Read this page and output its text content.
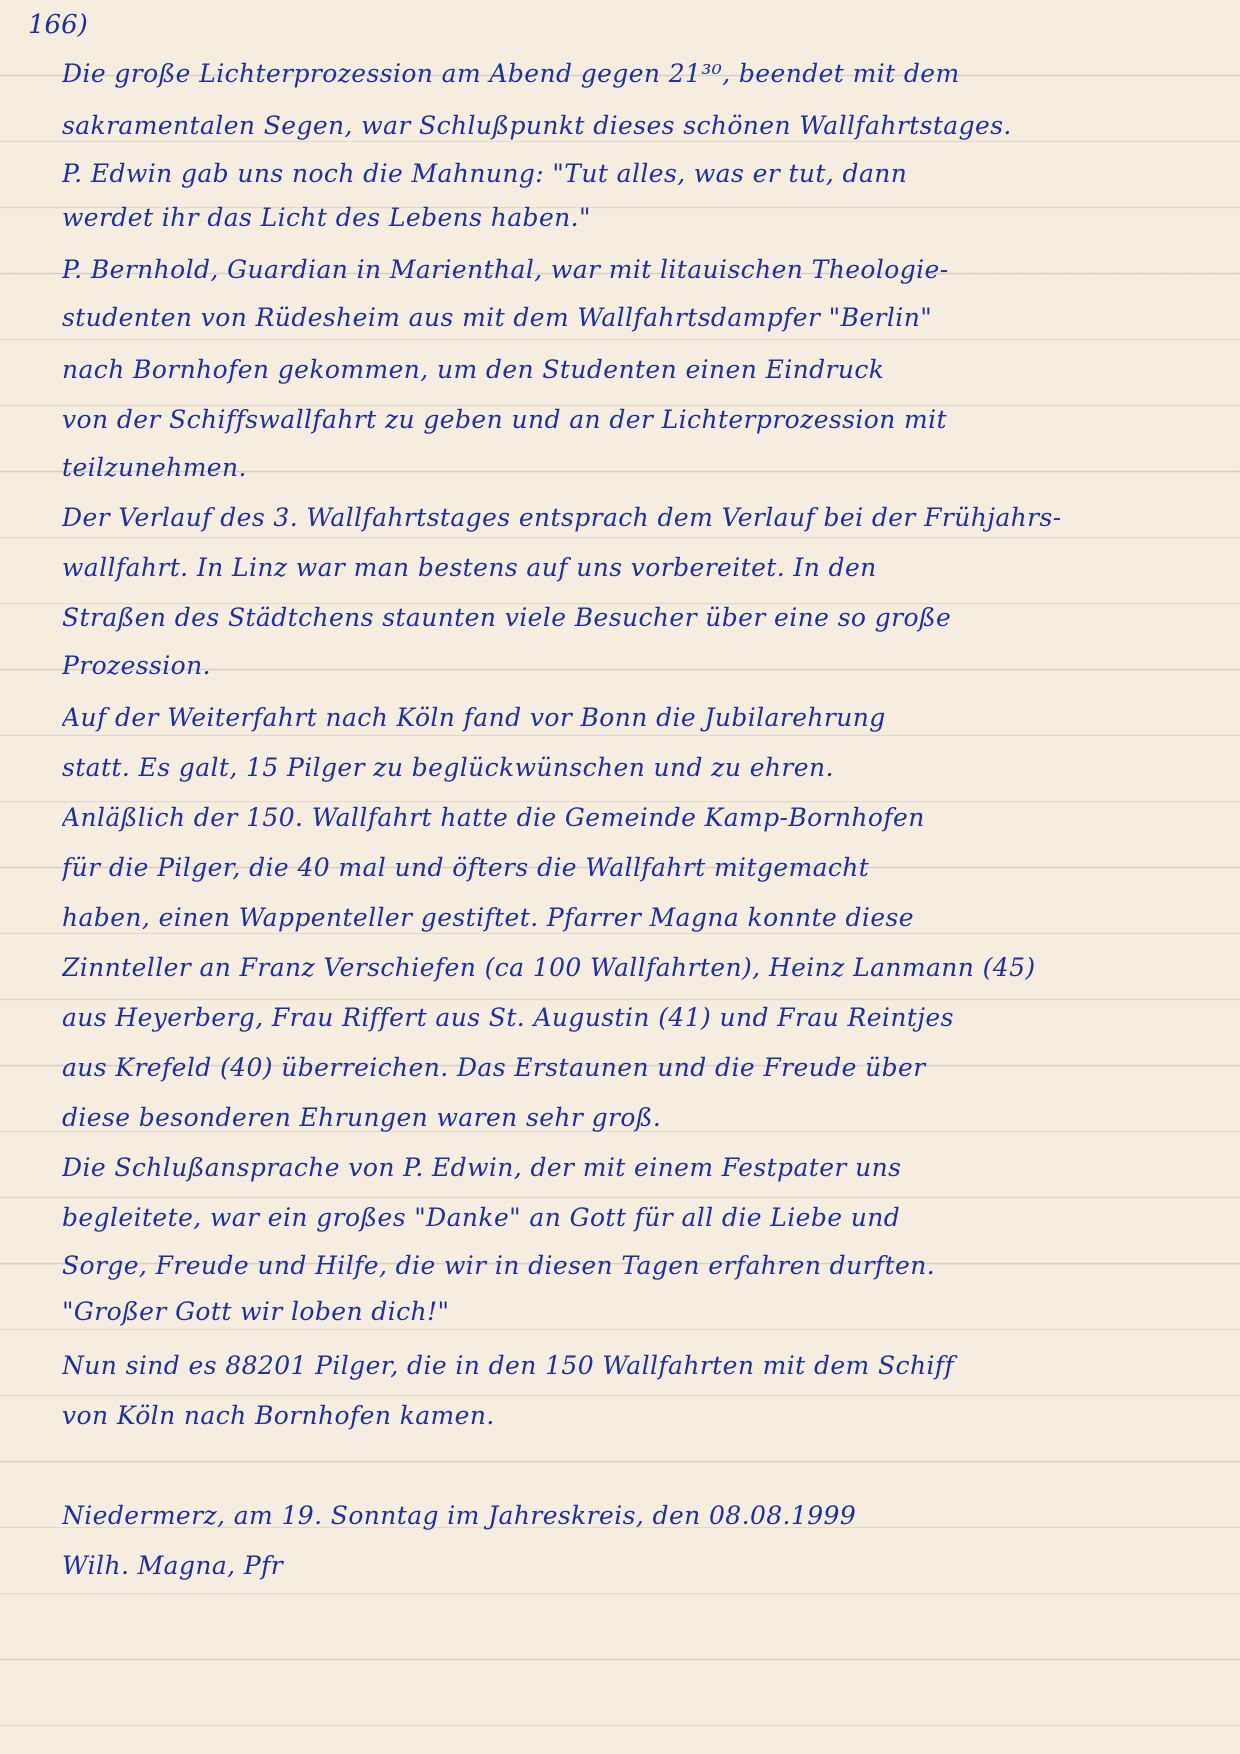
166)
Die große Lichterprozession am Abend gegen 21³⁰, beendet mit dem
sakramentalen Segen, war Schlußpunkt dieses schönen Wallfahrtstages.
P. Edwin gab uns noch die Mahnung: "Tut alles, was er tut, dann
werdet ihr das Licht des Lebens haben."
P. Bernhold, Guardian in Marienthal, war mit litauischen Theologie-
studenten von Rüdesheim aus mit dem Wallfahrtsdampfer "Berlin"
nach Bornhofen gekommen, um den Studenten einen Eindruck
von der Schiffswallfahrt zu geben und an der Lichterprozession mit
teilzunehmen.
Der Verlauf des 3. Wallfahrtstages entsprach dem Verlauf bei der Frühjahrs-
wallfahrt. In Linz war man bestens auf uns vorbereitet. In den
Straßen des Städtchens staunten viele Besucher über eine so große
Prozession.
Auf der Weiterfahrt nach Köln fand vor Bonn die Jubilarehrung
statt. Es galt, 15 Pilger zu beglückwünschen und zu ehren.
Anläßlich der 150. Wallfahrt hatte die Gemeinde Kamp-Bornhofen
für die Pilger, die 40 mal und öfters die Wallfahrt mitgemacht
haben, einen Wappenteller gestiftet. Pfarrer Magna konnte diese
Zinnteller an Franz Verschiefen (ca 100 Wallfahrten), Heinz Lanmann (45)
aus Heyerberg, Frau Riffert aus St. Augustin (41) und Frau Reintjes
aus Krefeld (40) überreichen. Das Erstaunen und die Freude über
diese besonderen Ehrungen waren sehr groß.
Die Schlußansprache von P. Edwin, der mit einem Festpater uns
begleitete, war ein großes "Danke" an Gott für all die Liebe und
Sorge, Freude und Hilfe, die wir in diesen Tagen erfahren durften.
"Großer Gott wir loben dich!"
Nun sind es 88201 Pilger, die in den 150 Wallfahrten mit dem Schiff
von Köln nach Bornhofen kamen.
Niedermerz, am 19. Sonntag im Jahreskreis, den 08.08.1999
Wilh. Magna, Pfr
